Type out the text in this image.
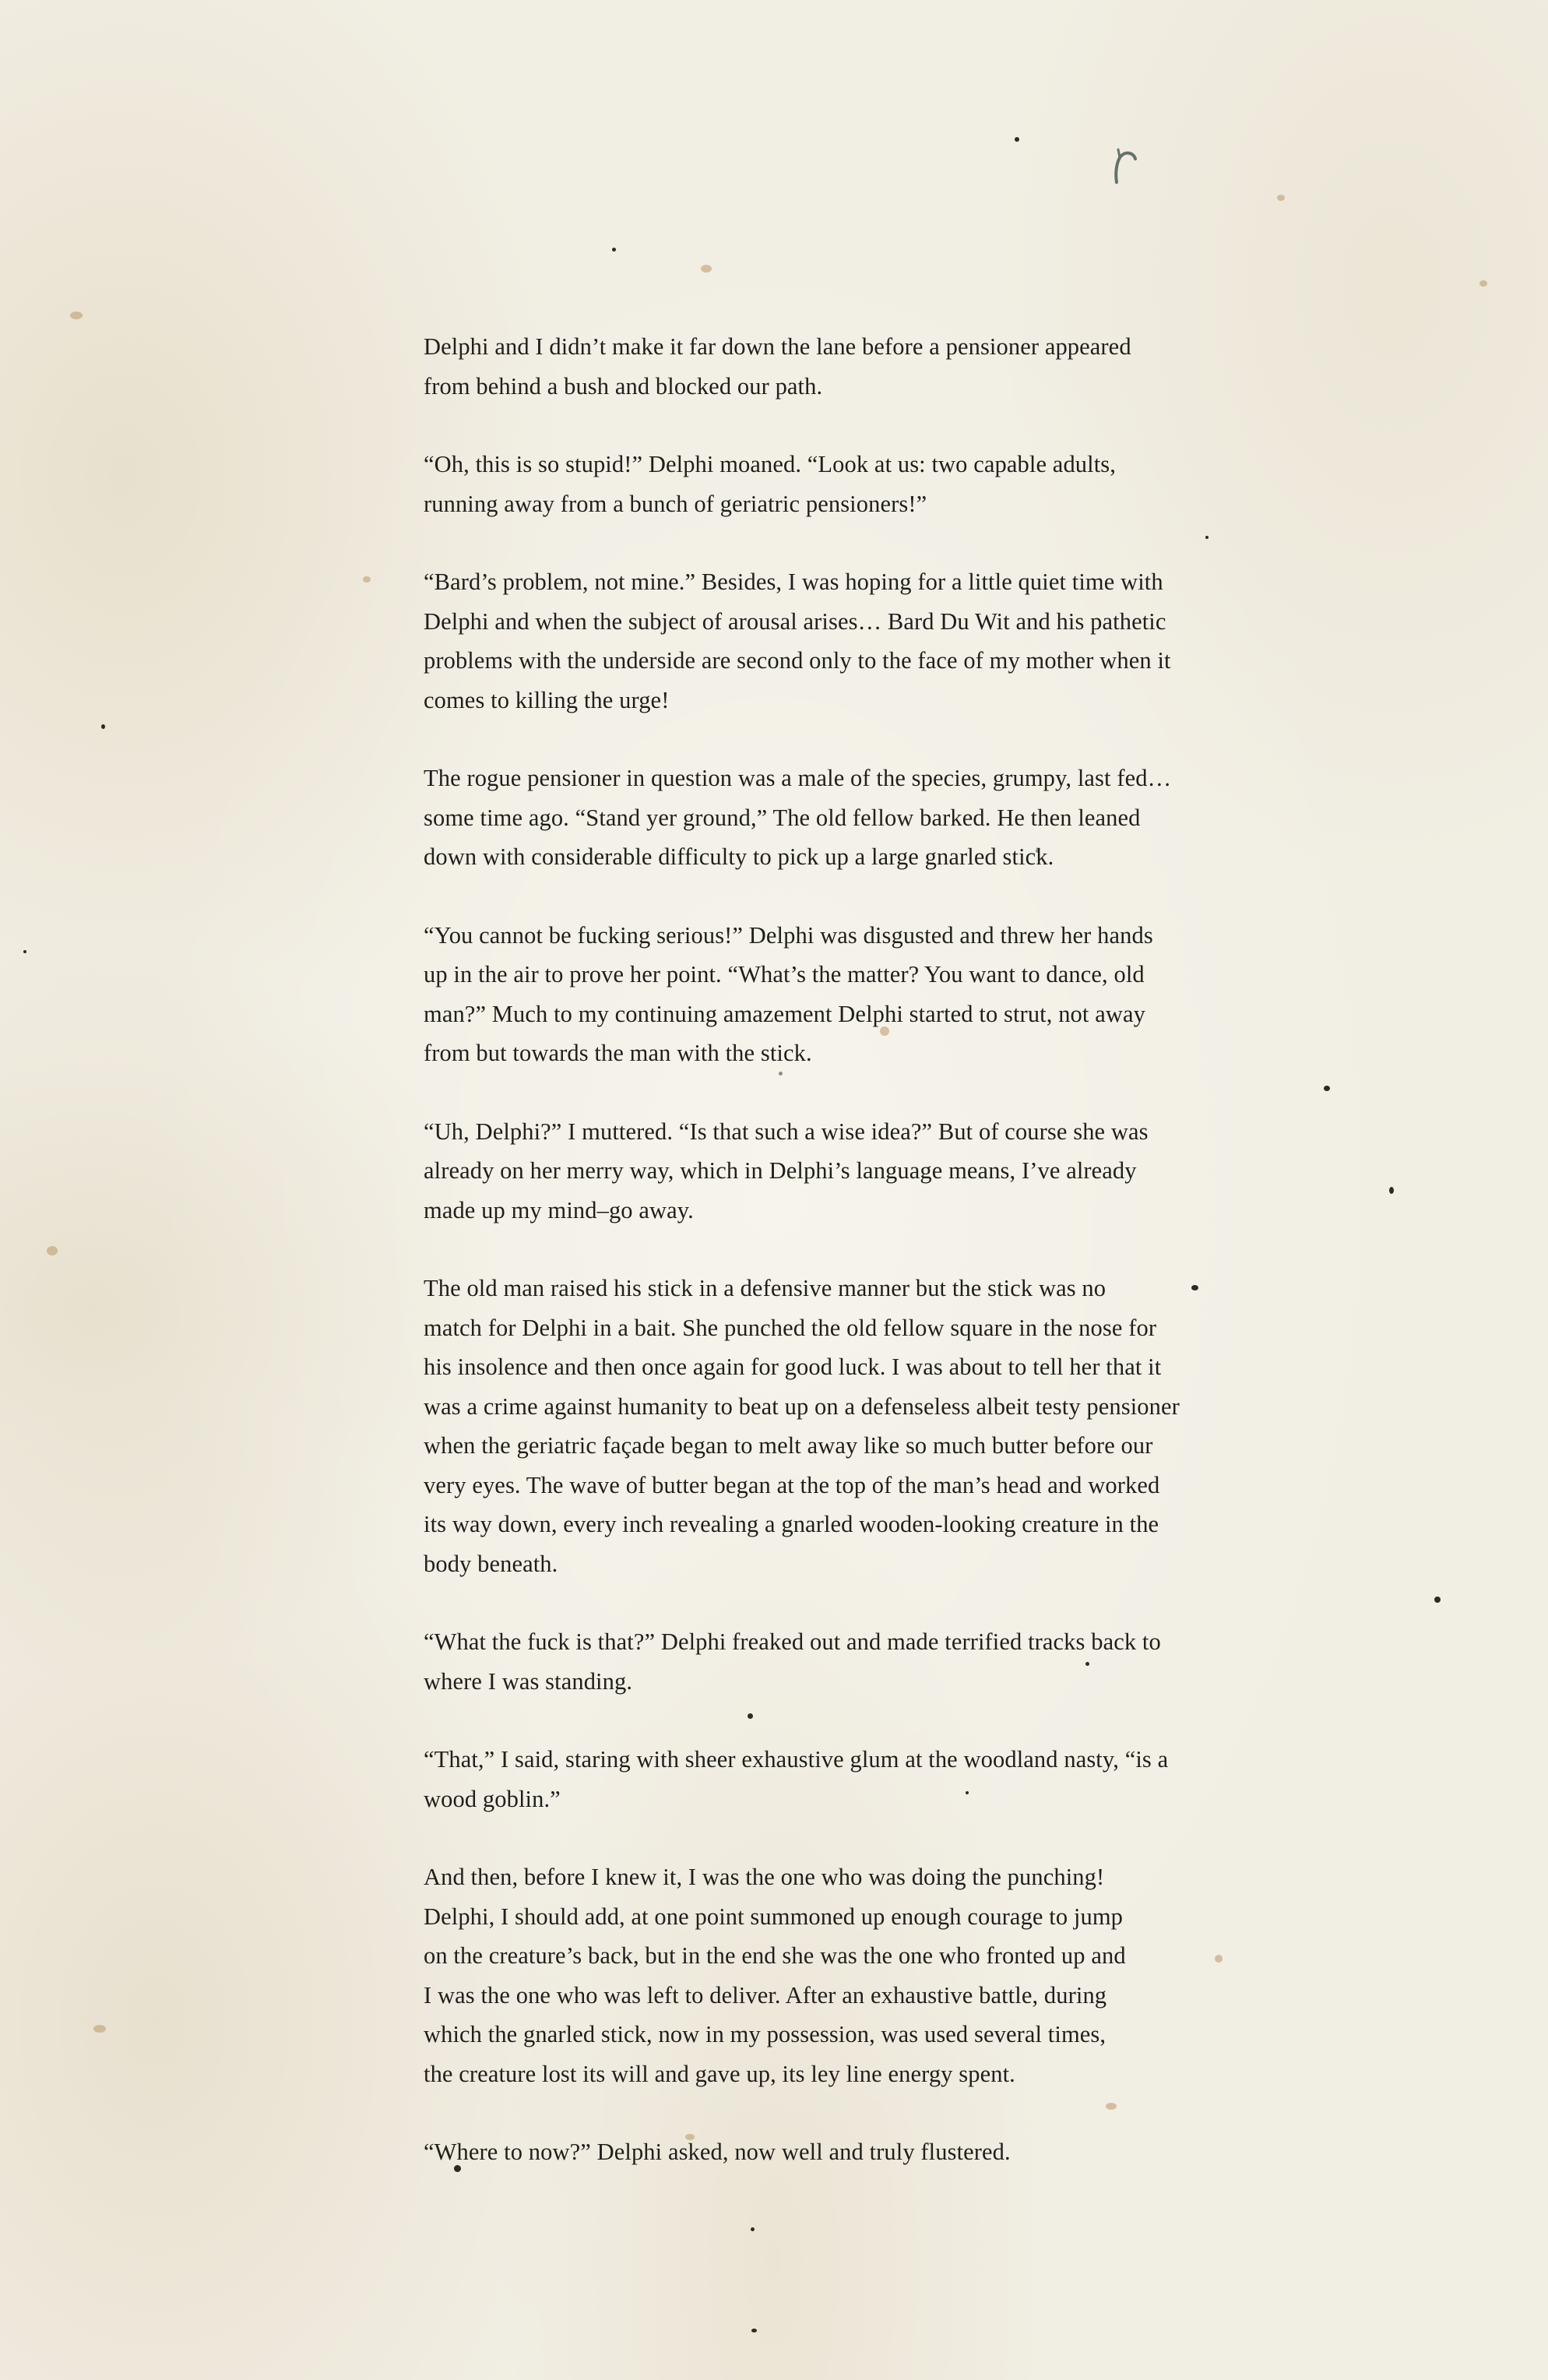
Delphi and I didn’t make it far down the lane before a pensioner appeared
from behind a bush and blocked our path.

“Oh, this is so stupid!” Delphi moaned. “Look at us: two capable adults,
running away from a bunch of geriatric pensioners!”

“Bard’s problem, not mine.” Besides, I was hoping for a little quiet time with
Delphi and when the subject of arousal arises… Bard Du Wit and his pathetic
problems with the underside are second only to the face of my mother when it
comes to killing the urge!

The rogue pensioner in question was a male of the species, grumpy, last fed…
some time ago. “Stand yer ground,” The old fellow barked. He then leaned
down with considerable difficulty to pick up a large gnarled stick.

“You cannot be fucking serious!” Delphi was disgusted and threw her hands
up in the air to prove her point. “What’s the matter? You want to dance, old
man?” Much to my continuing amazement Delphi started to strut, not away
from but towards the man with the stick.

“Uh, Delphi?” I muttered. “Is that such a wise idea?” But of course she was
already on her merry way, which in Delphi’s language means, I’ve already
made up my mind–go away.

The old man raised his stick in a defensive manner but the stick was no
match for Delphi in a bait. She punched the old fellow square in the nose for
his insolence and then once again for good luck. I was about to tell her that it
was a crime against humanity to beat up on a defenseless albeit testy pensioner
when the geriatric façade began to melt away like so much butter before our
very eyes. The wave of butter began at the top of the man’s head and worked
its way down, every inch revealing a gnarled wooden-looking creature in the
body beneath.

“What the fuck is that?” Delphi freaked out and made terrified tracks back to
where I was standing.

“That,” I said, staring with sheer exhaustive glum at the woodland nasty, “is a
wood goblin.”

And then, before I knew it, I was the one who was doing the punching!
Delphi, I should add, at one point summoned up enough courage to jump
on the creature’s back, but in the end she was the one who fronted up and
I was the one who was left to deliver. After an exhaustive battle, during
which the gnarled stick, now in my possession, was used several times,
the creature lost its will and gave up, its ley line energy spent.

“Where to now?” Delphi asked, now well and truly flustered.
